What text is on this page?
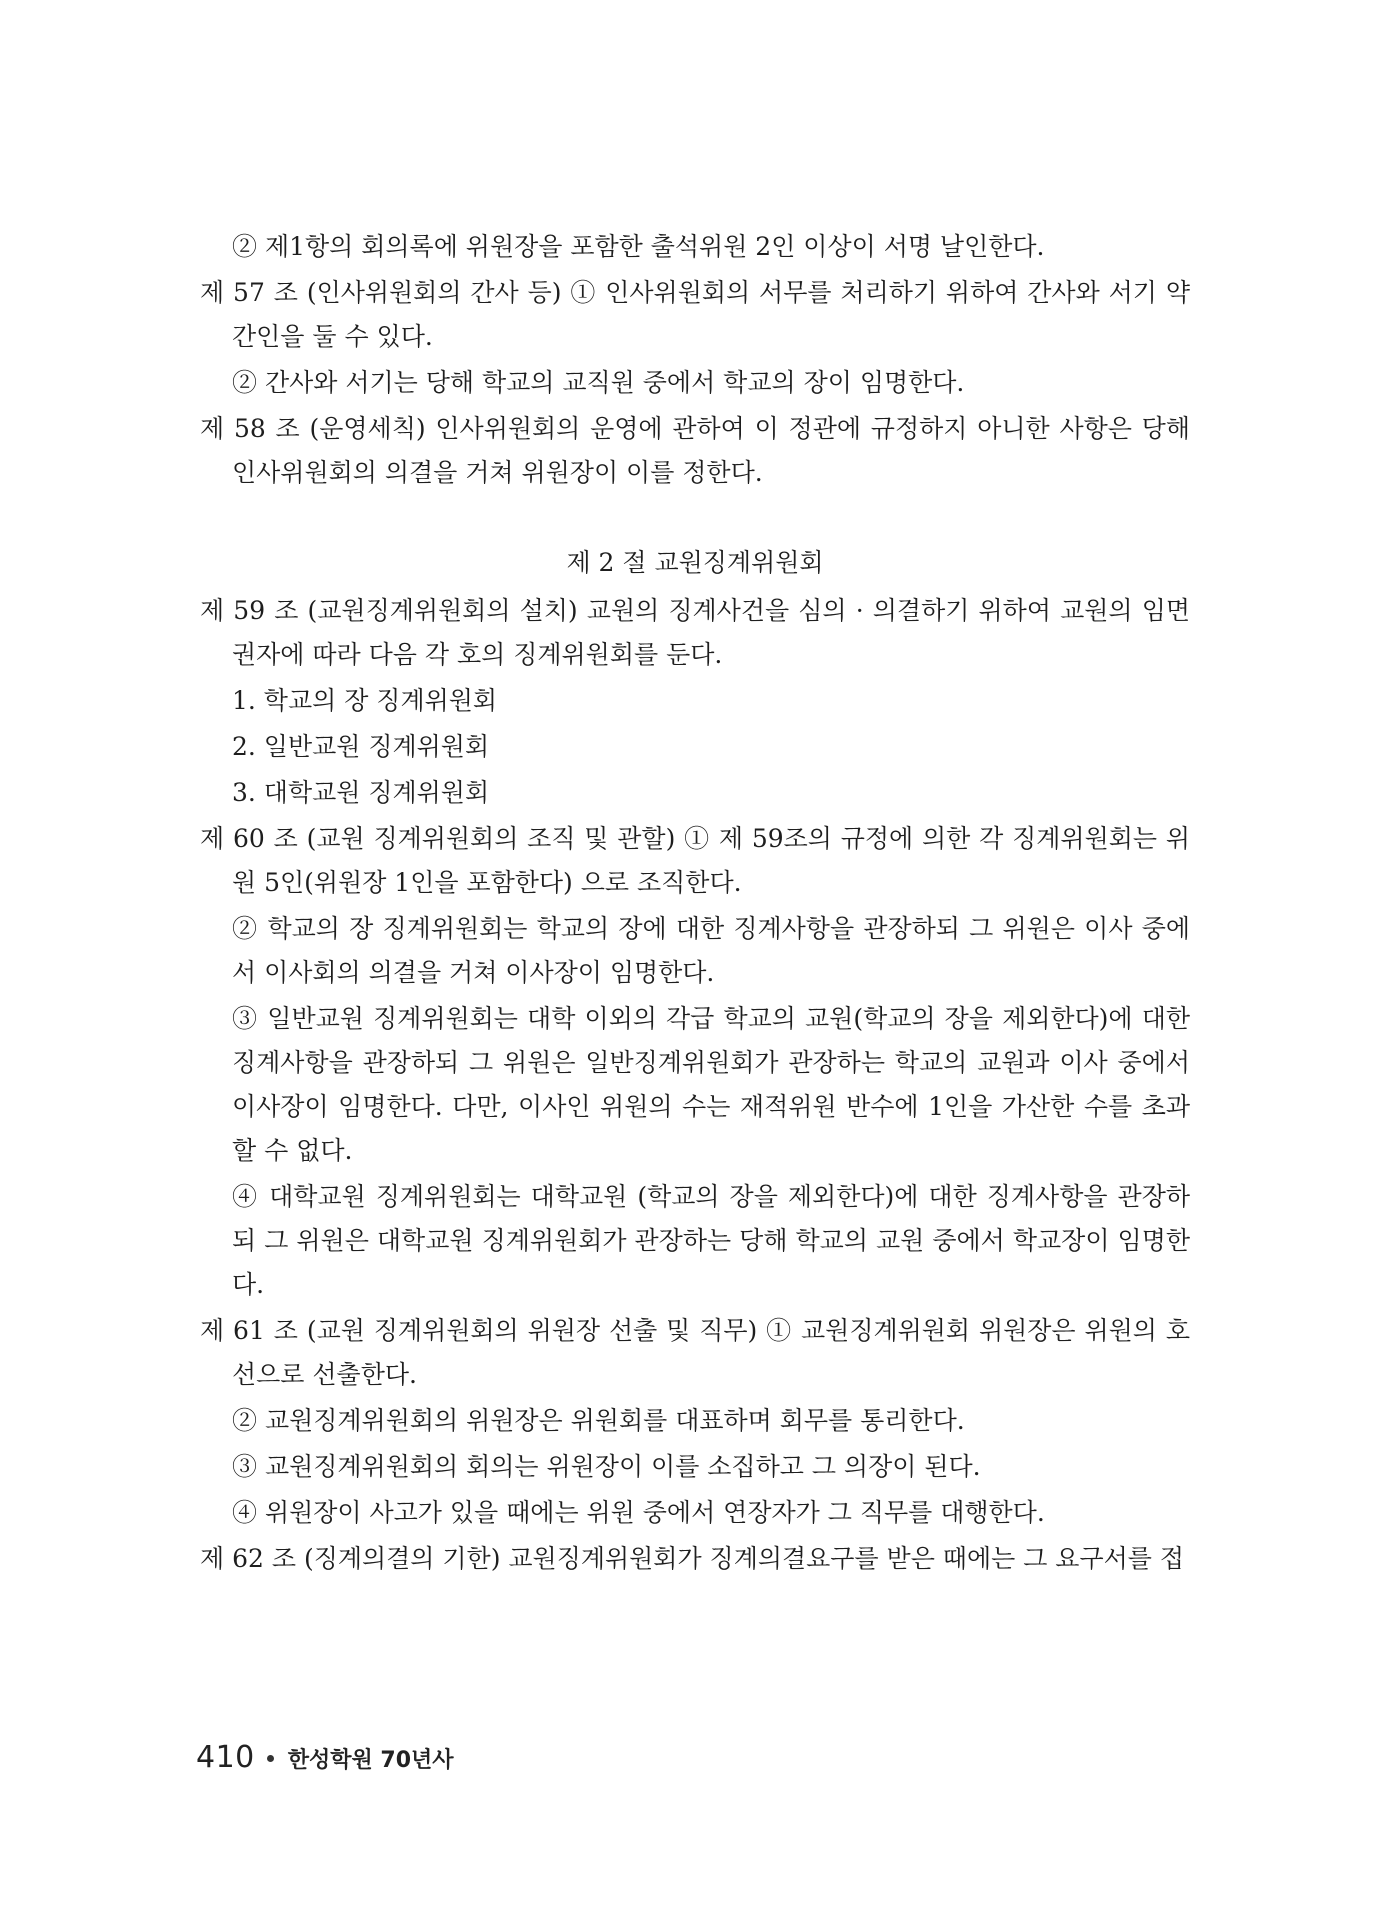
② 제1항의 회의록에 위원장을 포함한 출석위원 2인 이상이 서명 날인한다.

제 57 조 (인사위원회의 간사 등) ① 인사위원회의 서무를 처리하기 위하여 간사와 서기 약간인을 둘 수 있다.

② 간사와 서기는 당해 학교의 교직원 중에서 학교의 장이 임명한다.

제 58 조 (운영세칙) 인사위원회의 운영에 관하여 이 정관에 규정하지 아니한 사항은 당해 인사위원회의 의결을 거쳐 위원장이 이를 정한다.

제 2 절 교원징계위원회

제 59 조 (교원징계위원회의 설치) 교원의 징계사건을 심의 · 의결하기 위하여 교원의 임면권자에 따라 다음 각 호의 징계위원회를 둔다.

1. 학교의 장 징계위원회

2. 일반교원 징계위원회

3. 대학교원 징계위원회

제 60 조 (교원 징계위원회의 조직 및 관할) ① 제 59조의 규정에 의한 각 징계위원회는 위원 5인(위원장 1인을 포함한다) 으로 조직한다.

② 학교의 장 징계위원회는 학교의 장에 대한 징계사항을 관장하되 그 위원은 이사 중에서 이사회의 의결을 거쳐 이사장이 임명한다.

③ 일반교원 징계위원회는 대학 이외의 각급 학교의 교원(학교의 장을 제외한다)에 대한 징계사항을 관장하되 그 위원은 일반징계위원회가 관장하는 학교의 교원과 이사 중에서 이사장이 임명한다. 다만, 이사인 위원의 수는 재적위원 반수에 1인을 가산한 수를 초과할 수 없다.

④ 대학교원 징계위원회는 대학교원 (학교의 장을 제외한다)에 대한 징계사항을 관장하되 그 위원은 대학교원 징계위원회가 관장하는 당해 학교의 교원 중에서 학교장이 임명한다.

제 61 조 (교원 징계위원회의 위원장 선출 및 직무) ① 교원징계위원회 위원장은 위원의 호선으로 선출한다.

② 교원징계위원회의 위원장은 위원회를 대표하며 회무를 통리한다.

③ 교원징계위원회의 회의는 위원장이 이를 소집하고 그 의장이 된다.

④ 위원장이 사고가 있을 때에는 위원 중에서 연장자가 그 직무를 대행한다.

제 62 조 (징계의결의 기한) 교원징계위원회가 징계의결요구를 받은 때에는 그 요구서를 접

410 한성학원 70년사
